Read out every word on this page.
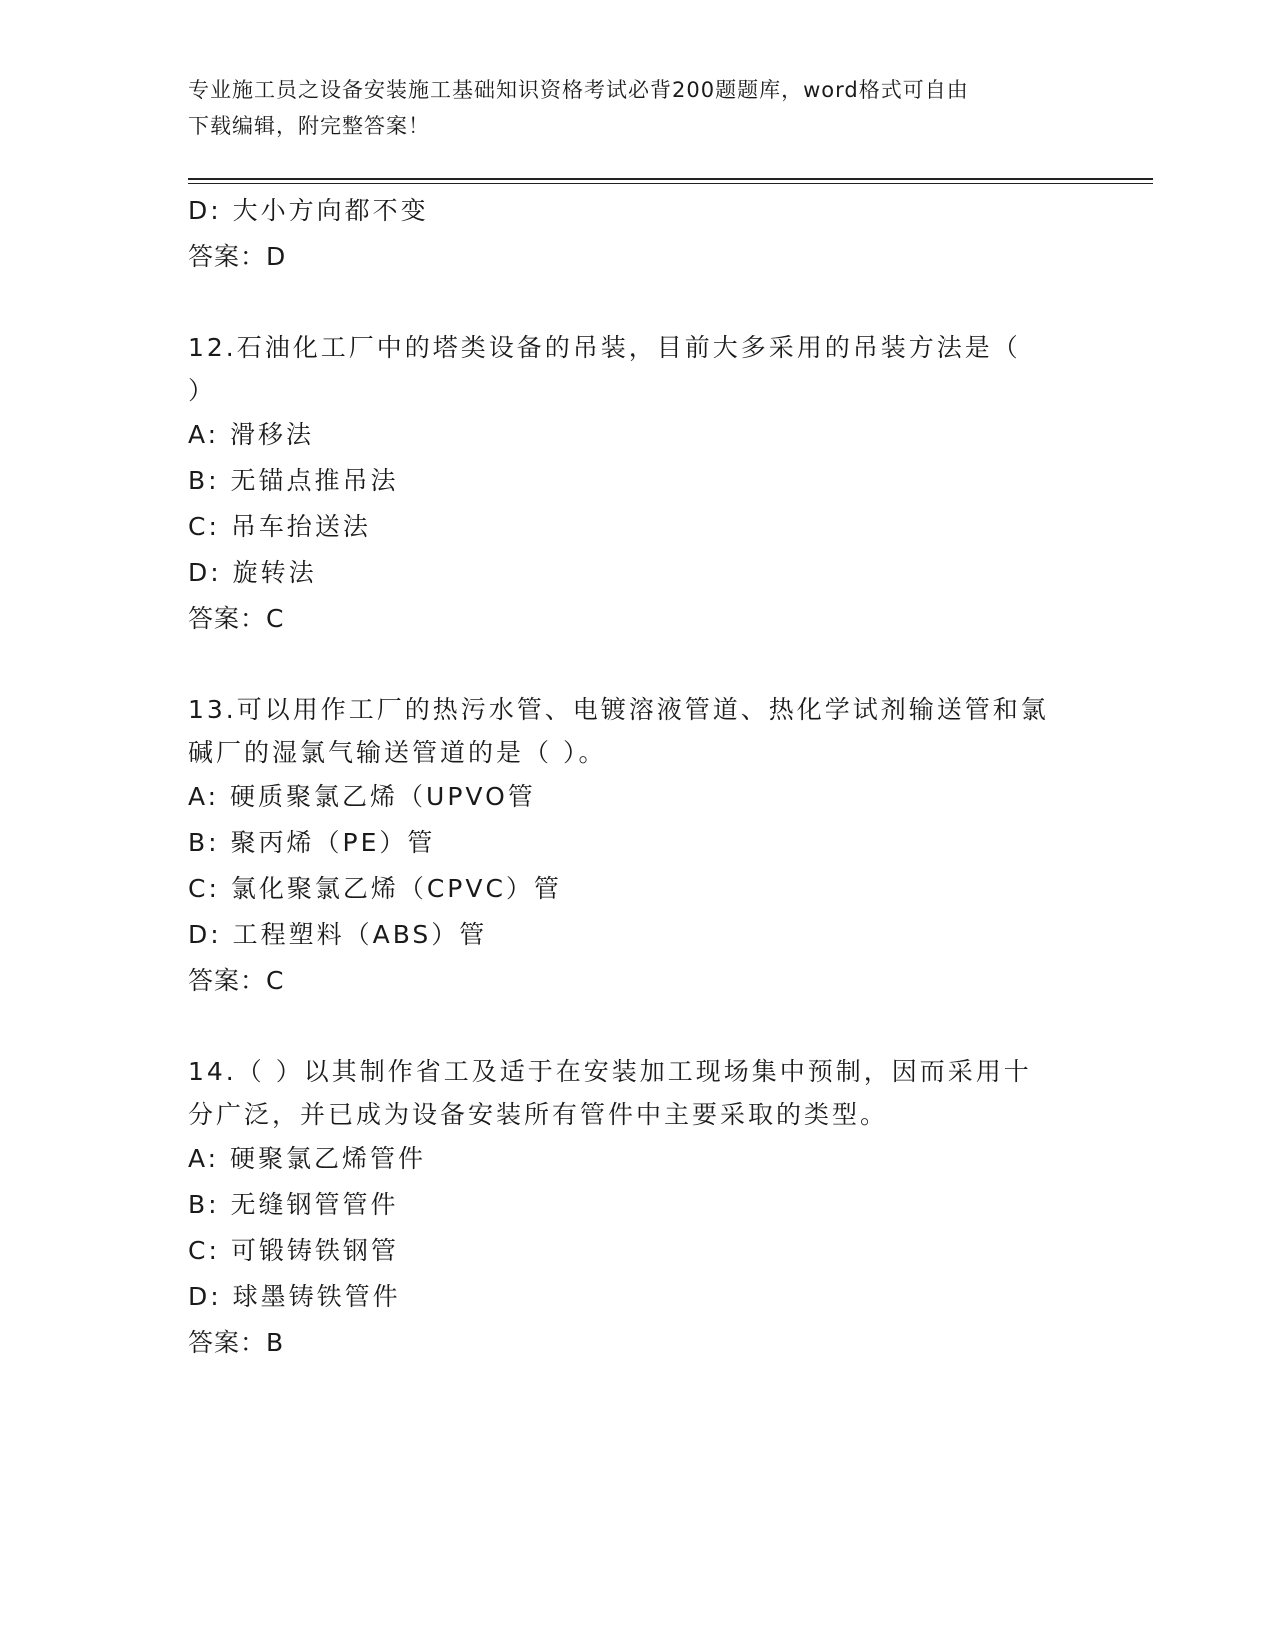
专业施工员之设备安装施工基础知识资格考试必背200题题库，word格式可自由
下载编辑，附完整答案！
D: 大小方向都不变
答案：D
12.石油化工厂中的塔类设备的吊装，目前大多采用的吊装方法是（
）
A: 滑移法
B: 无锚点推吊法
C: 吊车抬送法
D: 旋转法
答案：C
13.可以用作工厂的热污水管、电镀溶液管道、热化学试剂输送管和氯
碱厂的湿氯气输送管道的是（ ）。
A: 硬质聚氯乙烯（UPVO管
B: 聚丙烯（PE）管
C: 氯化聚氯乙烯（CPVC）管
D: 工程塑料（ABS）管
答案：C
14.（ ）以其制作省工及适于在安装加工现场集中预制，因而采用十
分广泛，并已成为设备安装所有管件中主要采取的类型。
A: 硬聚氯乙烯管件
B: 无缝钢管管件
C: 可锻铸铁钢管
D: 球墨铸铁管件
答案：B
